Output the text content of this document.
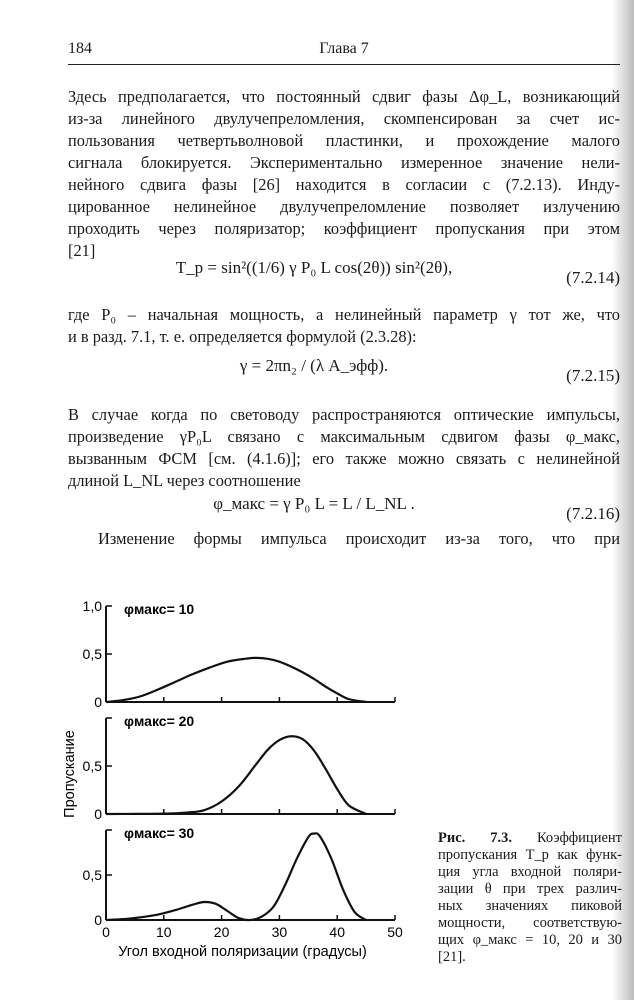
184	Глава 7
Здесь предполагается, что постоянный сдвиг фазы Δφ_L, возникающий
из-за линейного двулучепреломления, скомпенсирован за счет ис-
пользования четвертьволновой пластинки, и прохождение малого
сигнала блокируется. Экспериментально измеренное значение нели-
нейного сдвига фазы [26] находится в согласии с (7.2.13). Инду-
цированное нелинейное двулучепреломление позволяет излучению
проходить через поляризатор; коэффициент пропускания при этом
[21]
T_p = sin²((1/6) γ P₀ L cos(2θ)) sin²(2θ),
(7.2.14)
где P₀ – начальная мощность, а нелинейный параметр γ тот же, что
и в разд. 7.1, т. е. определяется формулой (2.3.28):
γ = 2πn₂ / (λ A_эфф).
(7.2.15)
В случае когда по световоду распространяются оптические импульсы,
произведение γP₀L связано с максимальным сдвигом фазы φ_макс,
вызванным ФСМ [см. (4.1.6)]; его также можно связать с нелинейной
длиной L_NL через соотношение
φ_макс = γ P₀ L = L / L_NL .
(7.2.16)
Изменение формы импульса происходит из-за того, что при
1,0
0,5
0
φмакс= 10
0,5
0
φмакс= 20
0,5
0
φмакс= 30
0	10	20	30	40	50
Угол входной поляризации (градусы)
Пропускание
Рис. 7.3. Коэффициент
пропускания T_p как функ-
ция угла входной поляри-
зации θ при трех различ-
ных значениях пиковой
мощности, соответствую-
щих φ_макс = 10, 20 и 30
[21].
